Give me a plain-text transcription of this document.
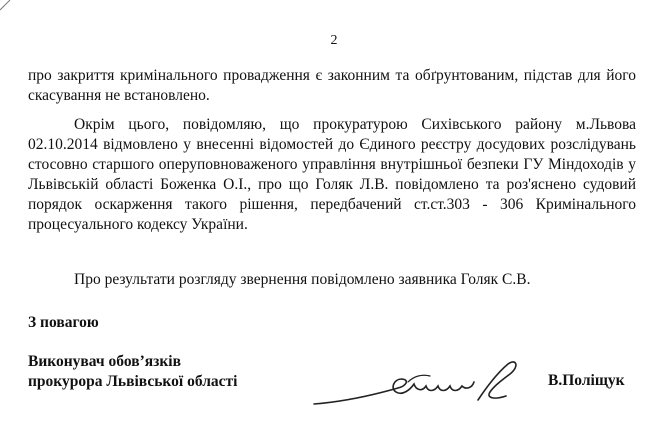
2
про закриття кримінального провадження є законним та обґрунтованим, підстав для його скасування не встановлено.
Окрім цього, повідомляю, що прокуратурою Сихівського району м.Львова 02.10.2014 відмовлено у внесенні відомостей до Єдиного реєстру досудових розслідувань стосовно старшого оперуповноваженого управління внутрішньої безпеки ГУ Міндоходів у Львівській області Боженка О.І., про що Голяк Л.В. повідомлено та роз'яснено судовий порядок оскарження такого рішення, передбачений ст.ст.303 - 306 Кримінального процесуального кодексу України.
Про результати розгляду звернення повідомлено заявника Голяк С.В.
З повагою
Виконувач обов’язків
прокурора Львівської області	В.Поліщук
